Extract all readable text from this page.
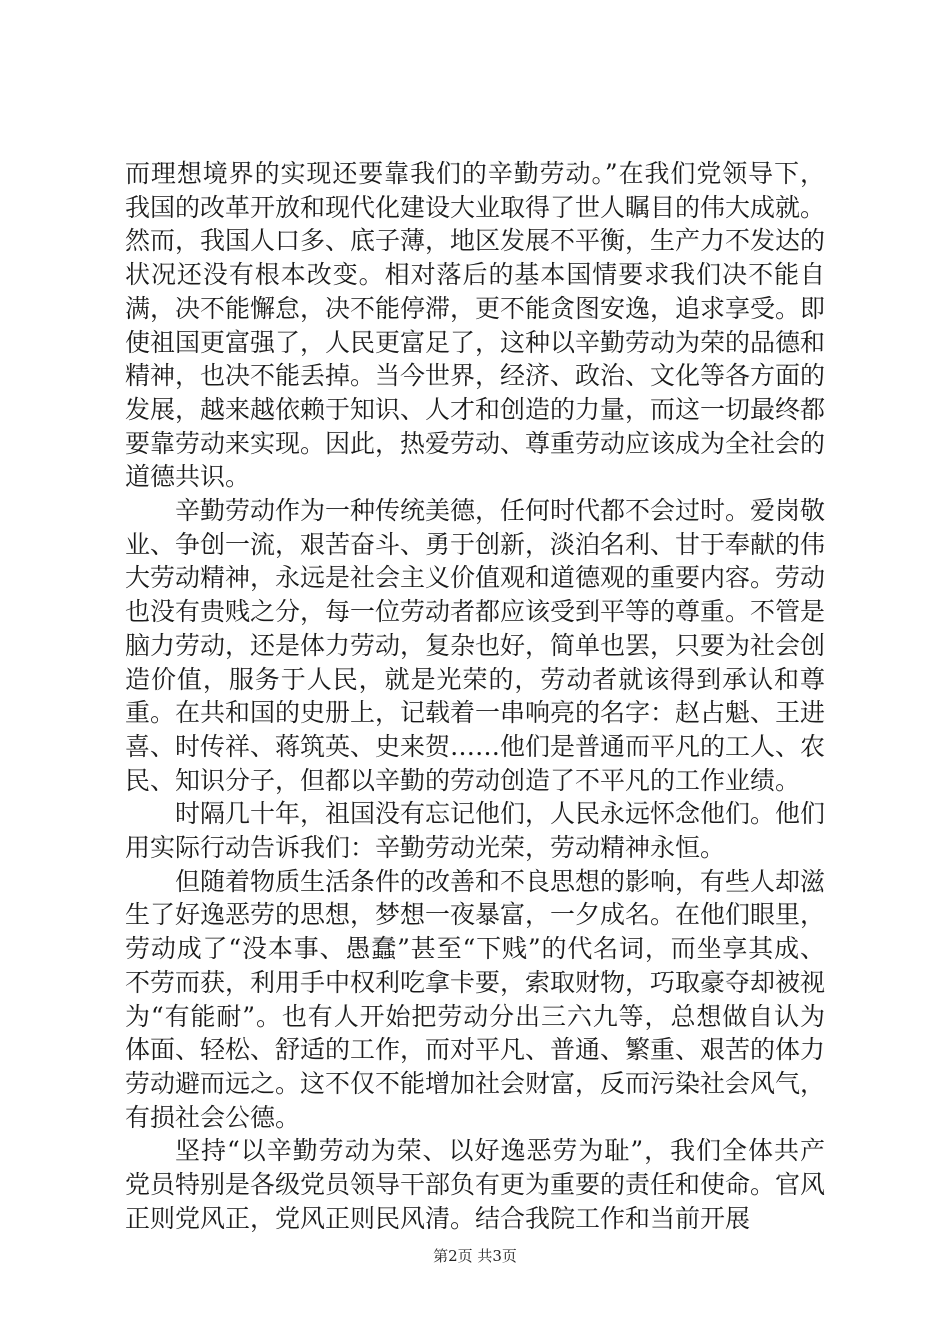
而理想境界的实现还要靠我们的辛勤劳动。”在我们党领导下，我国的改革开放和现代化建设大业取得了世人瞩目的伟大成就。然而，我国人口多、底子薄，地区发展不平衡，生产力不发达的状况还没有根本改变。相对落后的基本国情要求我们决不能自满，决不能懈怠，决不能停滞，更不能贪图安逸，追求享受。即使祖国更富强了，人民更富足了，这种以辛勤劳动为荣的品德和精神，也决不能丢掉。当今世界，经济、政治、文化等各方面的发展，越来越依赖于知识、人才和创造的力量，而这一切最终都要靠劳动来实现。因此，热爱劳动、尊重劳动应该成为全社会的道德共识。

辛勤劳动作为一种传统美德，任何时代都不会过时。爱岗敬业、争创一流，艰苦奋斗、勇于创新，淡泊名利、甘于奉献的伟大劳动精神，永远是社会主义价值观和道德观的重要内容。劳动也没有贵贱之分，每一位劳动者都应该受到平等的尊重。不管是脑力劳动，还是体力劳动，复杂也好，简单也罢，只要为社会创造价值，服务于人民，就是光荣的，劳动者就该得到承认和尊重。在共和国的史册上，记载着一串响亮的名字：赵占魁、王进喜、时传祥、蒋筑英、史来贺……他们是普通而平凡的工人、农民、知识分子，但都以辛勤的劳动创造了不平凡的工作业绩。

时隔几十年，祖国没有忘记他们，人民永远怀念他们。他们用实际行动告诉我们：辛勤劳动光荣，劳动精神永恒。

但随着物质生活条件的改善和不良思想的影响，有些人却滋生了好逸恶劳的思想，梦想一夜暴富，一夕成名。在他们眼里，劳动成了“没本事、愚蠢”甚至“下贱”的代名词，而坐享其成、不劳而获，利用手中权利吃拿卡要，索取财物，巧取豪夺却被视为“有能耐”。也有人开始把劳动分出三六九等，总想做自认为体面、轻松、舒适的工作，而对平凡、普通、繁重、艰苦的体力劳动避而远之。这不仅不能增加社会财富，反而污染社会风气，有损社会公德。

坚持“以辛勤劳动为荣、以好逸恶劳为耻”，我们全体共产党员特别是各级党员领导干部负有更为重要的责任和使命。官风正则党风正，党风正则民风清。结合我院工作和当前开展

第2页 共3页
